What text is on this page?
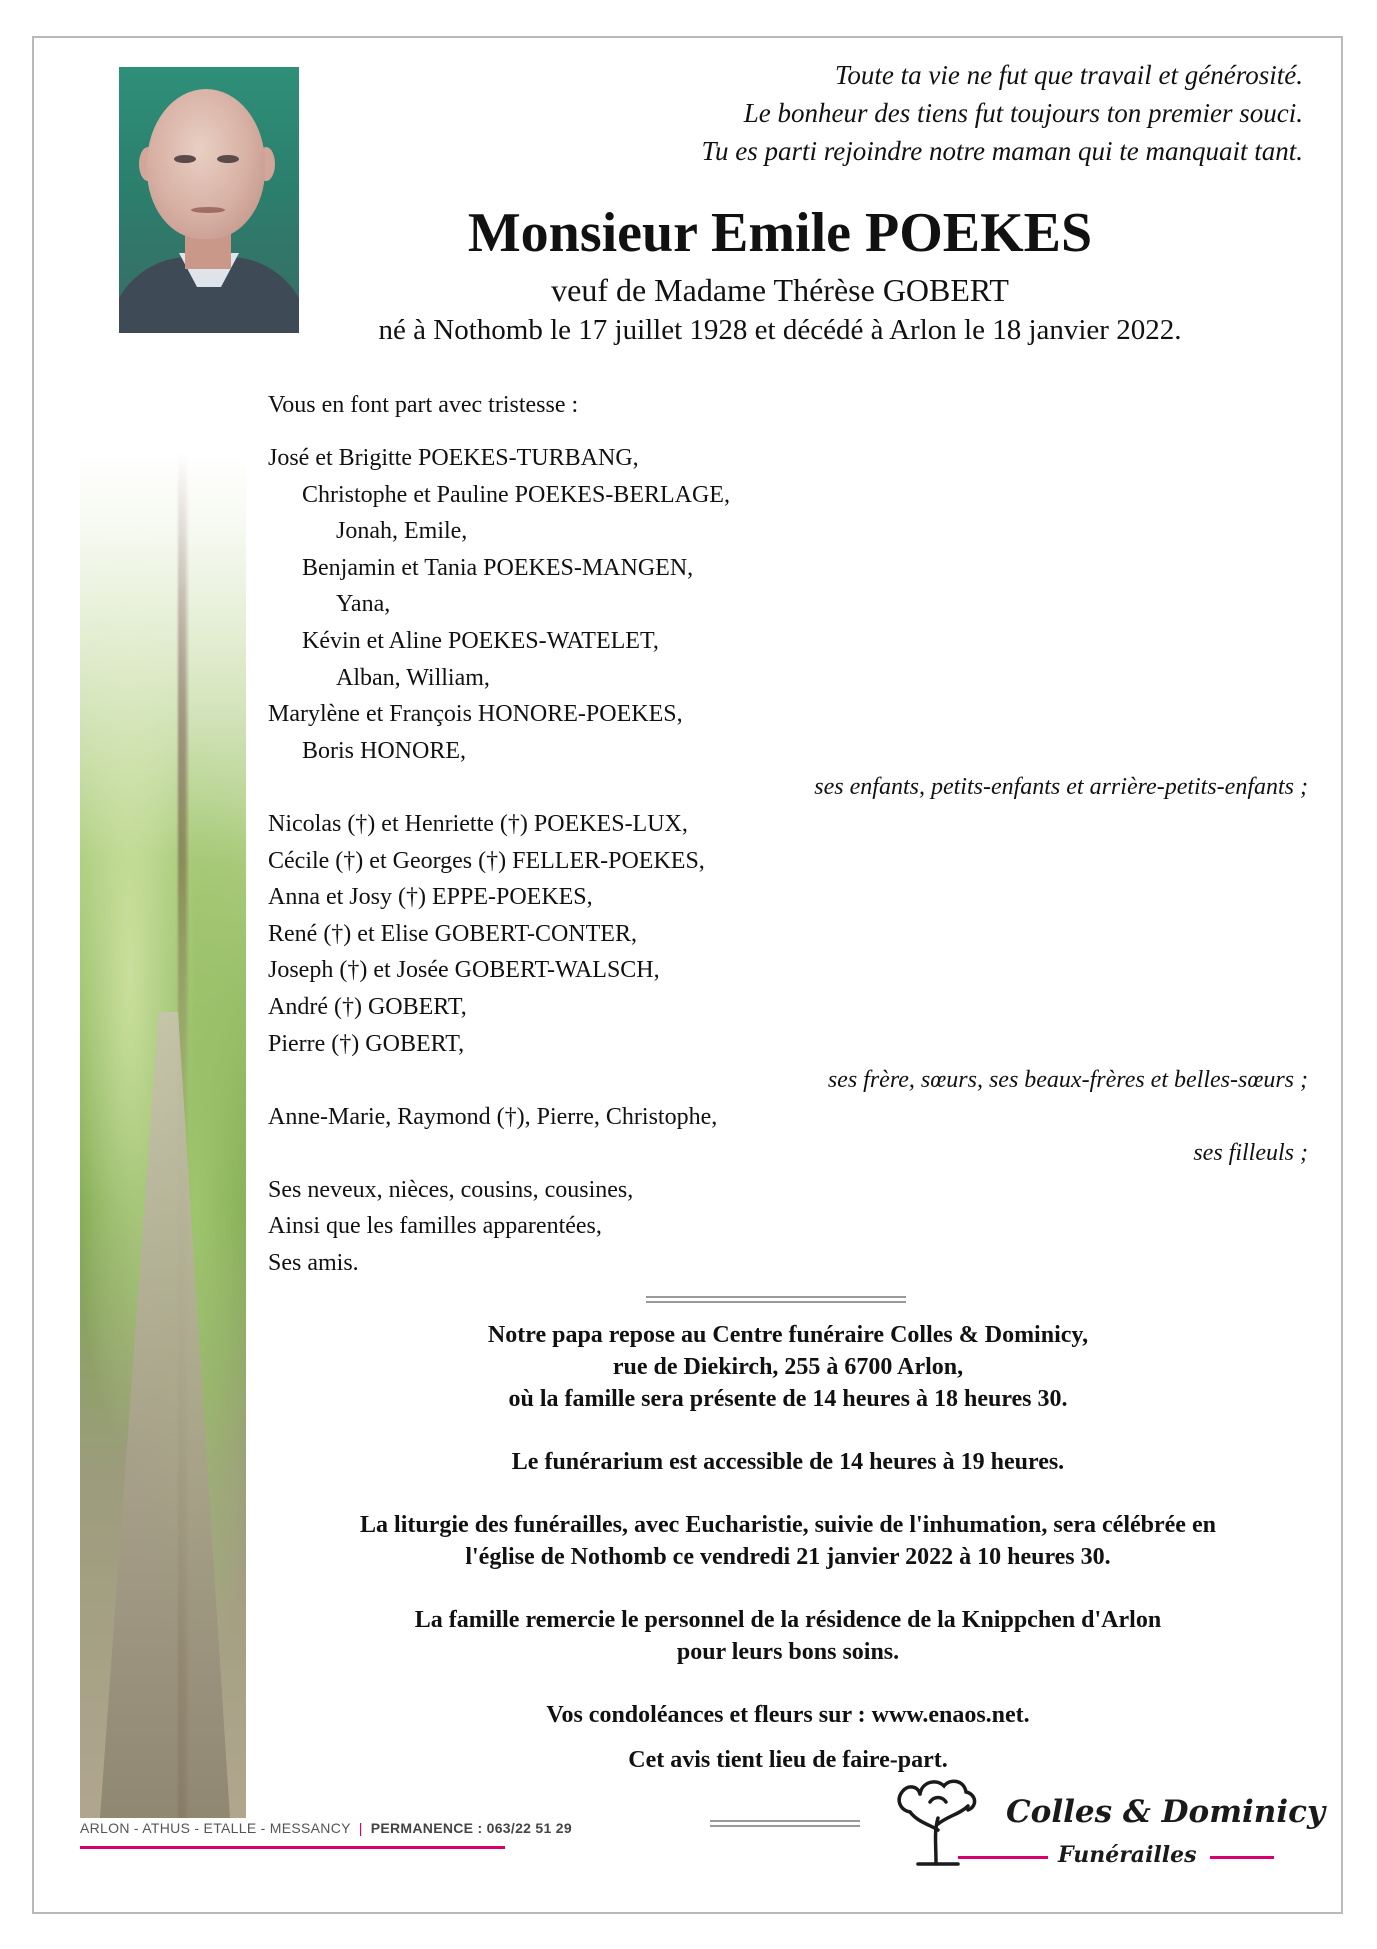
Toute ta vie ne fut que travail et générosité.
Le bonheur des tiens fut toujours ton premier souci.
Tu es parti rejoindre notre maman qui te manquait tant.
Monsieur Emile POEKES
veuf de Madame Thérèse GOBERT
né à Nothomb le 17 juillet 1928 et décédé à Arlon le 18 janvier 2022.
Vous en font part avec tristesse :
José et Brigitte POEKES-TURBANG,
Christophe et Pauline POEKES-BERLAGE,
Jonah, Emile,
Benjamin et Tania POEKES-MANGEN,
Yana,
Kévin et Aline POEKES-WATELET,
Alban, William,
Marylène et François HONORE-POEKES,
Boris HONORE,
ses enfants, petits-enfants et arrière-petits-enfants ;
Nicolas (†) et Henriette (†) POEKES-LUX,
Cécile (†) et Georges (†) FELLER-POEKES,
Anna et Josy (†) EPPE-POEKES,
René (†) et Elise GOBERT-CONTER,
Joseph (†) et Josée GOBERT-WALSCH,
André (†) GOBERT,
Pierre (†) GOBERT,
ses frère, sœurs, ses beaux-frères et belles-sœurs ;
Anne-Marie, Raymond (†), Pierre, Christophe,
ses filleuls ;
Ses neveux, nièces, cousins, cousines,
Ainsi que les familles apparentées,
Ses amis.

Notre papa repose au Centre funéraire Colles & Dominicy,
rue de Diekirch, 255 à 6700 Arlon,
où la famille sera présente de 14 heures à 18 heures 30.

Le funérarium est accessible de 14 heures à 19 heures.

La liturgie des funérailles, avec Eucharistie, suivie de l'inhumation, sera célébrée en
l'église de Nothomb ce vendredi 21 janvier 2022 à 10 heures 30.

La famille remercie le personnel de la résidence de la Knippchen d'Arlon
pour leurs bons soins.

Vos condoléances et fleurs sur : www.enaos.net.

Cet avis tient lieu de faire-part.

ARLON - ATHUS - ETALLE - MESSANCY | PERMANENCE : 063/22 51 29	Colles & Dominicy
Funérailles
